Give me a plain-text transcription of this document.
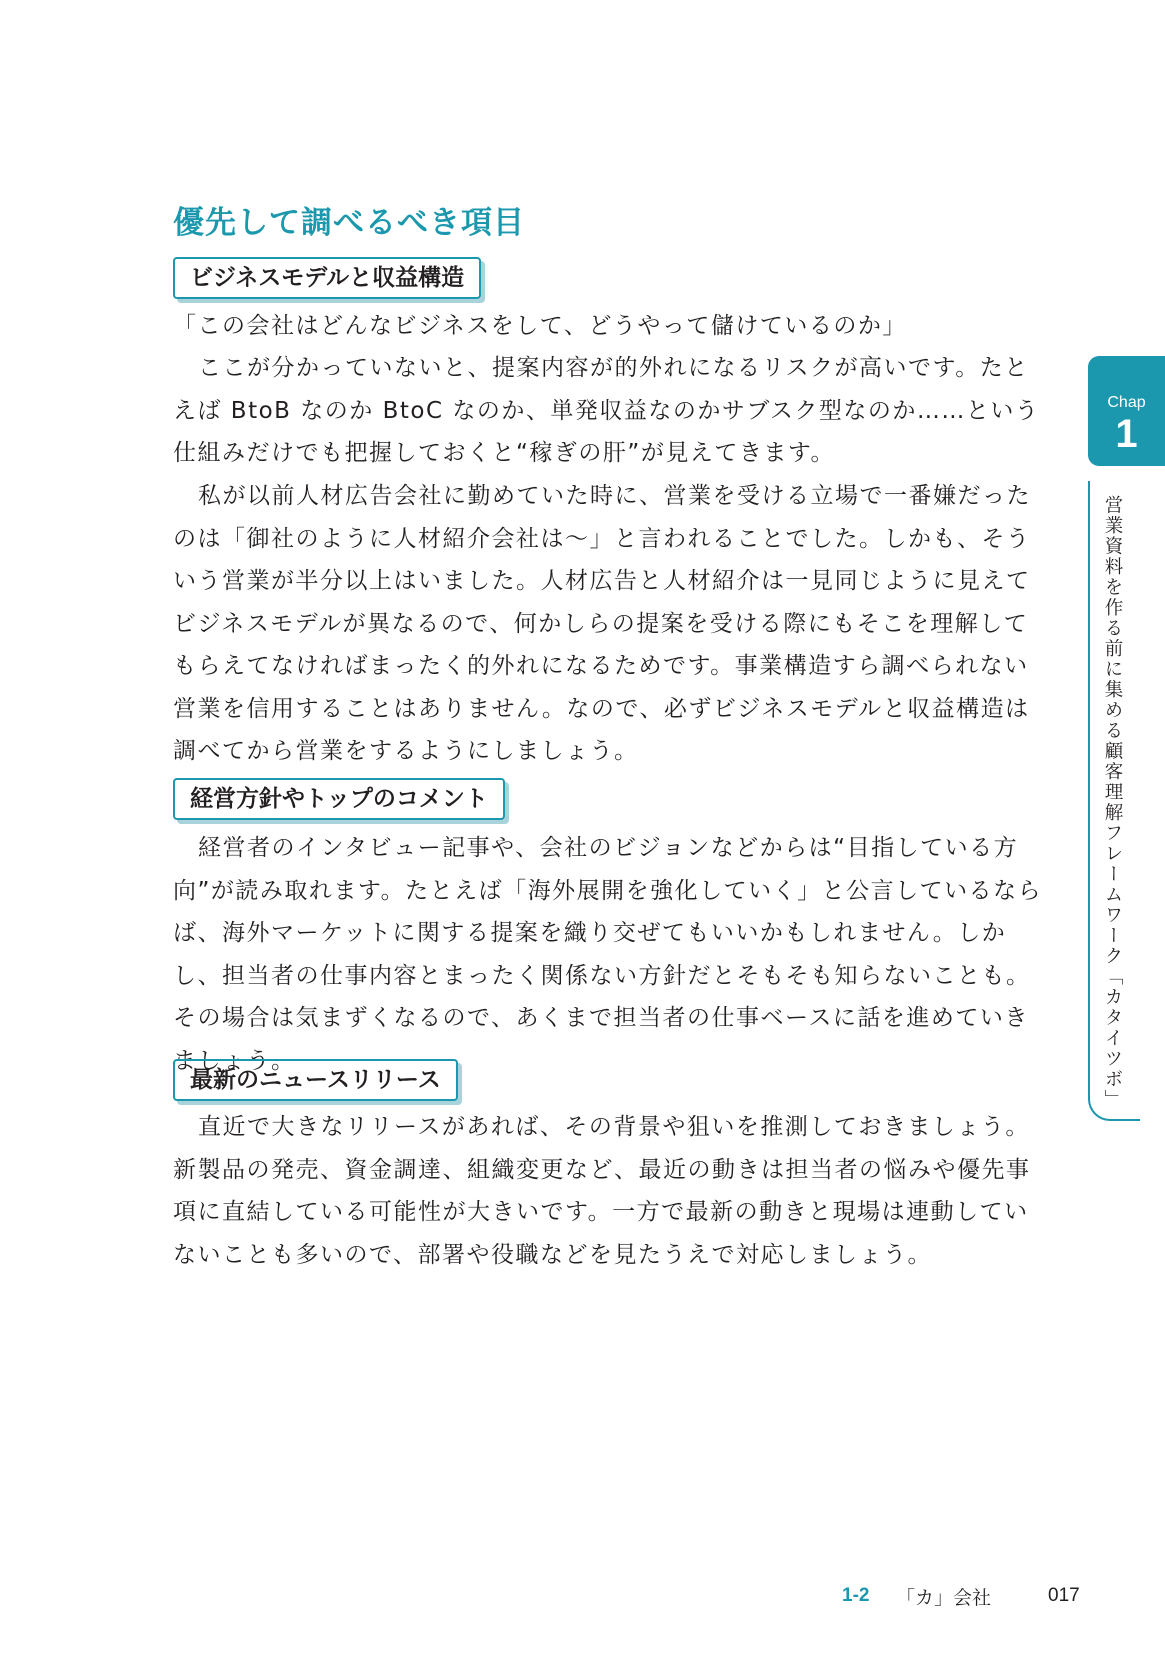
優先して調べるべき項目
ビジネスモデルと収益構造

「この会社はどんなビジネスをして、どうやって儲けているのか」

ここが分かっていないと、提案内容が的外れになるリスクが高いです。たとえば BtoB なのか BtoC なのか、単発収益なのかサブスク型なのか……という仕組みだけでも把握しておくと“稼ぎの肝”が見えてきます。

私が以前人材広告会社に勤めていた時に、営業を受ける立場で一番嫌だったのは「御社のように人材紹介会社は～」と言われることでした。しかも、そういう営業が半分以上はいました。人材広告と人材紹介は一見同じように見えてビジネスモデルが異なるので、何かしらの提案を受ける際にもそこを理解してもらえてなければまったく的外れになるためです。事業構造すら調べられない営業を信用することはありません。なので、必ずビジネスモデルと収益構造は調べてから営業をするようにしましょう。

経営方針やトップのコメント

経営者のインタビュー記事や、会社のビジョンなどからは“目指している方向”が読み取れます。たとえば「海外展開を強化していく」と公言しているならば、海外マーケットに関する提案を織り交ぜてもいいかもしれません。しかし、担当者の仕事内容とまったく関係ない方針だとそもそも知らないことも。その場合は気まずくなるので、あくまで担当者の仕事ベースに話を進めていきましょう。

最新のニュースリリース

直近で大きなリリースがあれば、その背景や狙いを推測しておきましょう。新製品の発売、資金調達、組織変更など、最近の動きは担当者の悩みや優先事項に直結している可能性が大きいです。一方で最新の動きと現場は連動していないことも多いので、部署や役職などを見たうえで対応しましょう。

Chap
1
営業資料を作る前に集める顧客理解フレームワーク「カタイツボ」
1-2 「カ」会社	017
